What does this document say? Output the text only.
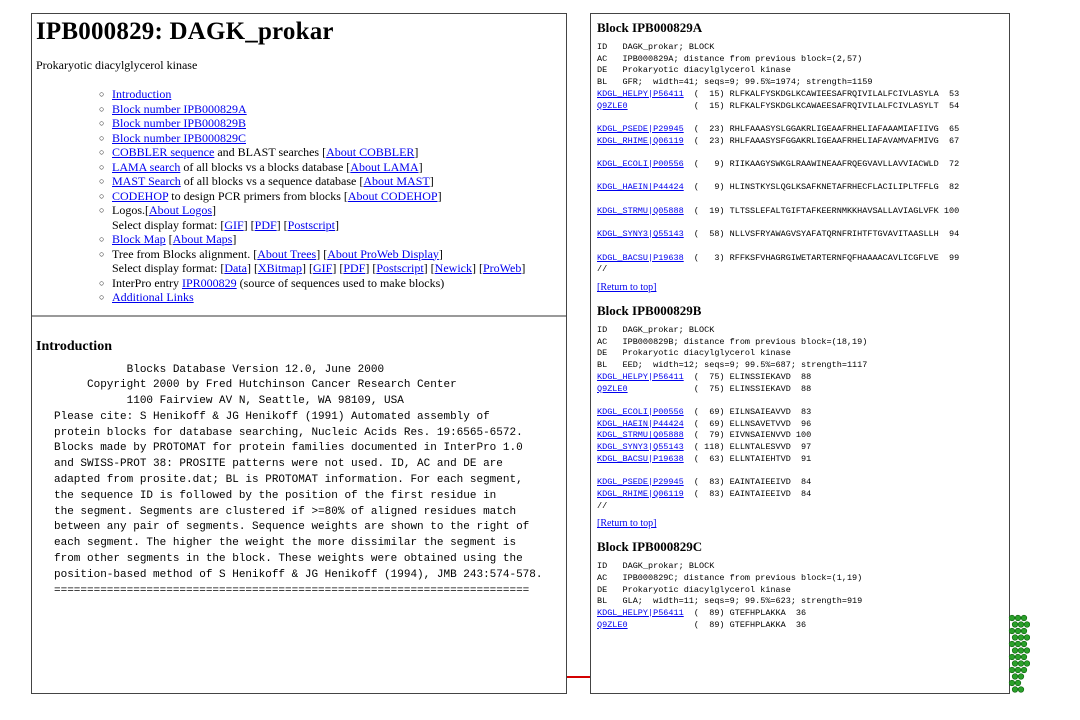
IPB000829: DAGK_prokar
Prokaryotic diacylglycerol kinase
○ Introduction
○ Block number IPB000829A
○ Block number IPB000829B
○ Block number IPB000829C
○ COBBLER sequence and BLAST searches [About COBBLER]
○ LAMA search of all blocks vs a blocks database [About LAMA]
○ MAST Search of all blocks vs a sequence database [About MAST]
○ CODEHOP to design PCR primers from blocks [About CODEHOP]
○ Logos.[About Logos]
Select display format: [GIF] [PDF] [Postscript]
○ Block Map [About Maps]
○ Tree from Blocks alignment. [About Trees] [About ProWeb Display]
Select display format: [Data] [XBitmap] [GIF] [PDF] [Postscript] [Newick] [ProWeb]
○ InterPro entry IPR000829 (source of sequences used to make blocks)
○ Additional Links
Introduction
Blocks Database Version 12.0, June 2000
Copyright 2000 by Fred Hutchinson Cancer Research Center
1100 Fairview AV N, Seattle, WA 98109, USA
Please cite: S Henikoff & JG Henikoff (1991) Automated assembly of
protein blocks for database searching, Nucleic Acids Res. 19:6565-6572.
Blocks made by PROTOMAT for protein families documented in InterPro 1.0
and SWISS-PROT 38: PROSITE patterns were not used. ID, AC and DE are
adapted from prosite.dat; BL is PROTOMAT information. For each segment,
the sequence ID is followed by the position of the first residue in
the segment. Segments are clustered if >=80% of aligned residues match
between any pair of segments. Sequence weights are shown to the right of
each segment. The higher the weight the more dissimilar the segment is
from other segments in the block. These weights were obtained using the
position-based method of S Henikoff & JG Henikoff (1994), JMB 243:574-578.
========================================================================
Block IPB000829A
ID   DAGK_prokar; BLOCK
AC   IPB000829A; distance from previous block=(2,57)
DE   Prokaryotic diacylglycerol kinase
BL   GFR;  width=41; seqs=9; 99.5%=1974; strength=1159
KDGL_HELPY|P56411  (  15) RLFKALFYSKDGLKCAWIEESAFRQIVILALFCIVLASYLA  53
Q9ZLE0             (  15) RLFKALFYSKDGLKCAWAEESAFRQIVILALFCIVLASYLT  54

KDGL_PSEDE|P29945  (  23) RHLFAAASYSLGGAKRLIGEAAFRHELIAFAAAMIAFIIVG  65
KDGL_RHIME|Q06119  (  23) RHLFAAASYSFGGAKRLIGEAAFRHELIAFAVAMVAFMIVG  67

KDGL_ECOLI|P00556  (   9) RIIKAAGYSWKGLRAAWINEAAFRQEGVAVLLAVVIACWLD  72

KDGL_HAEIN|P44424  (   9) HLINSTKYSLQGLKSAFKNETAFRHECFLACILIPLTFFLG  82

KDGL_STRMU|Q05888  (  19) TLTSSLEFALTGIFTAFKEERNMKKHAVSALLAVIAGLVFK 100

KDGL_SYNY3|Q55143  (  58) NLLVSFRYAWAGVSYAFATQRNFRIHTFTGVAVITAASLLH  94

KDGL_BACSU|P19638  (   3) RFFKSFVHAGRGIWETARTERNFQFHAAAACAVLICGFLVE  99
//
[Return to top]
Block IPB000829B
ID   DAGK_prokar; BLOCK
AC   IPB000829B; distance from previous block=(18,19)
DE   Prokaryotic diacylglycerol kinase
BL   EED;  width=12; seqs=9; 99.5%=687; strength=1117
KDGL_HELPY|P56411  (  75) ELINSSIEKAVD  88
Q9ZLE0             (  75) ELINSSIEKAVD  88

KDGL_ECOLI|P00556  (  69) EILNSAIEAVVD  83
KDGL_HAEIN|P44424  (  69) ELLNSAVETVVD  96
KDGL_STRMU|Q05888  (  79) EIVNSAIENVVD 100
KDGL_SYNY3|Q55143  ( 118) ELLNTALESVVD  97
KDGL_BACSU|P19638  (  63) ELLNTAIEHTVD  91

KDGL_PSEDE|P29945  (  83) EAINTAIEEIVD  84
KDGL_RHIME|Q06119  (  83) EAINTAIEEIVD  84
//
[Return to top]
Block IPB000829C
ID   DAGK_prokar; BLOCK
AC   IPB000829C; distance from previous block=(1,19)
DE   Prokaryotic diacylglycerol kinase
BL   GLA;  width=11; seqs=9; 99.5%=623; strength=919
KDGL_HELPY|P56411  (  89) GTEFHPLAKKA  36
Q9ZLE0             (  89) GTEFHPLAKKA  36
